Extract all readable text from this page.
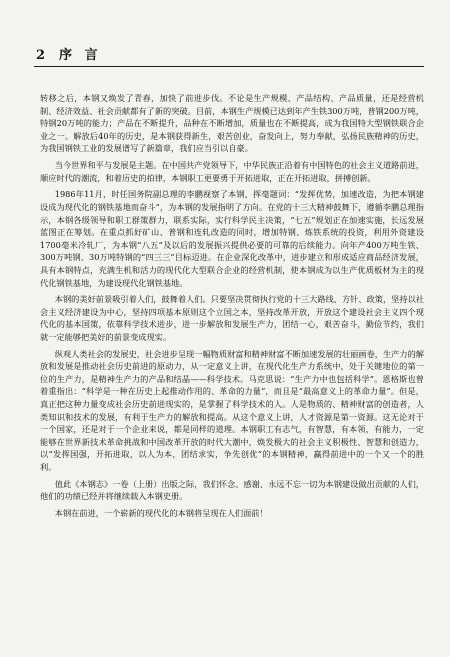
2 序 言

转移之后，本钢又焕发了青春，加快了前进步伐。不论是生产规模、产品结构、产品质量，还是经营机制、经济效益、社会贡献都有了新的突破。目前，本钢生产规模已达到年产生铁300万吨，普钢200万吨，特钢20万吨的能力；产品在不断提升，品种在不断增加，质量也在不断提高，成为我国特大型钢铁联合企业之一。解放后40年的历史，是本钢获得新生，艰苦创业，奋发向上，努力奉献，弘扬民族精神的历史，为我国钢铁工业的发展谱写了新篇章，我们应当引以自豪。

当今世界和平与发展是主题。在中国共产党领导下，中华民族正沿着有中国特色的社会主义道路前进，顺应时代的潮流，和着历史的拍律，本钢职工更要勇于开拓进取，正在开拓进取，拼搏创新。

1986年11月，时任国务院副总理的李鹏视察了本钢，挥毫题词：“发挥优势，加速改造，为把本钢建设成为现代化的钢铁基地而奋斗”，为本钢的发展指明了方向。在党的十三大精神鼓舞下，遵循李鹏总理指示，本钢各级领导和职工群策群力，联系实际，实行科学民主决策，“七五”规划正在加速实施，长远发展蓝图正在筹划。在重点抓好矿山、普钢和连轧改造的同时，增加特钢、炼铁系统的投资，利用外资建设1700毫米冷轧厂，为本钢“八五”及以后的发展振兴提供必要的可靠的后续能力。向年产400万吨生铁、300万吨钢、30万吨特钢的“四三三”目标迈进。在企业深化改革中，进步建立和形成适应商品经济发展，具有本钢特点，充满生机和活力的现代化大型联合企业的经营机制，使本钢成为以生产优质板材为主的现代化钢铁基地，为建设现代化钢铁基地。

本钢的美好前景吸引着人们，鼓舞着人们。只要坚决贯彻执行党的十三大路线、方针、政策，坚持以社会主义经济建设为中心，坚持四项基本原则这个立国之本，坚持改革开放，开放这个建设社会主义四个现代化的基本国策，依靠科学技术进步，进一步解放和发展生产力，团结一心，艰苦奋斗，勤俭节约，我们就一定能够把美好的前景变成现实。

纵观人类社会的发展史，社会进步呈现一幅物质财富和精神财富不断加速发展的壮丽画卷，生产力的解放和发展是推动社会历史前进的原动力，从一定意义上讲，在现代化生产力系统中，处于关键地位的第一位的生产力，是精神生产力的产品和结晶——科学技术。马克思说：“生产力中也包括科学”。恩格斯也曾着重指出：“科学是一种在历史上起推动作用的、革命的力量”，而且是“最高意义上的革命力量”。但是，真正把这种力量变成社会历史前进现实的，是掌握了科学技术的人。人是物质的、精神财富的创造者，人类知识和技术的发展，有利于生产力的解放和提高。从这个意义上讲，人才资源是第一资源。这无论对于一个国家，还是对于一个企业来说，都是同样的道理。本钢职工有志气，有智慧，有本领，有能力，一定能够在世界新技术革命挑战和中国改革开放的时代大潮中，焕发极大的社会主义积极性、智慧和创造力，以“发挥国强，开拓进取，以人为本，团结求实，争先创优”的本钢精神，赢得前进中的一个又一个的胜利。

值此《本钢志》一卷（上册）出版之际，我们怀念、感谢、永远不忘一切为本钢建设做出贡献的人们，他们的功绩已经并将继续载入本钢史册。

本钢在前进，一个崭新的现代化的本钢将呈现在人们面前！
